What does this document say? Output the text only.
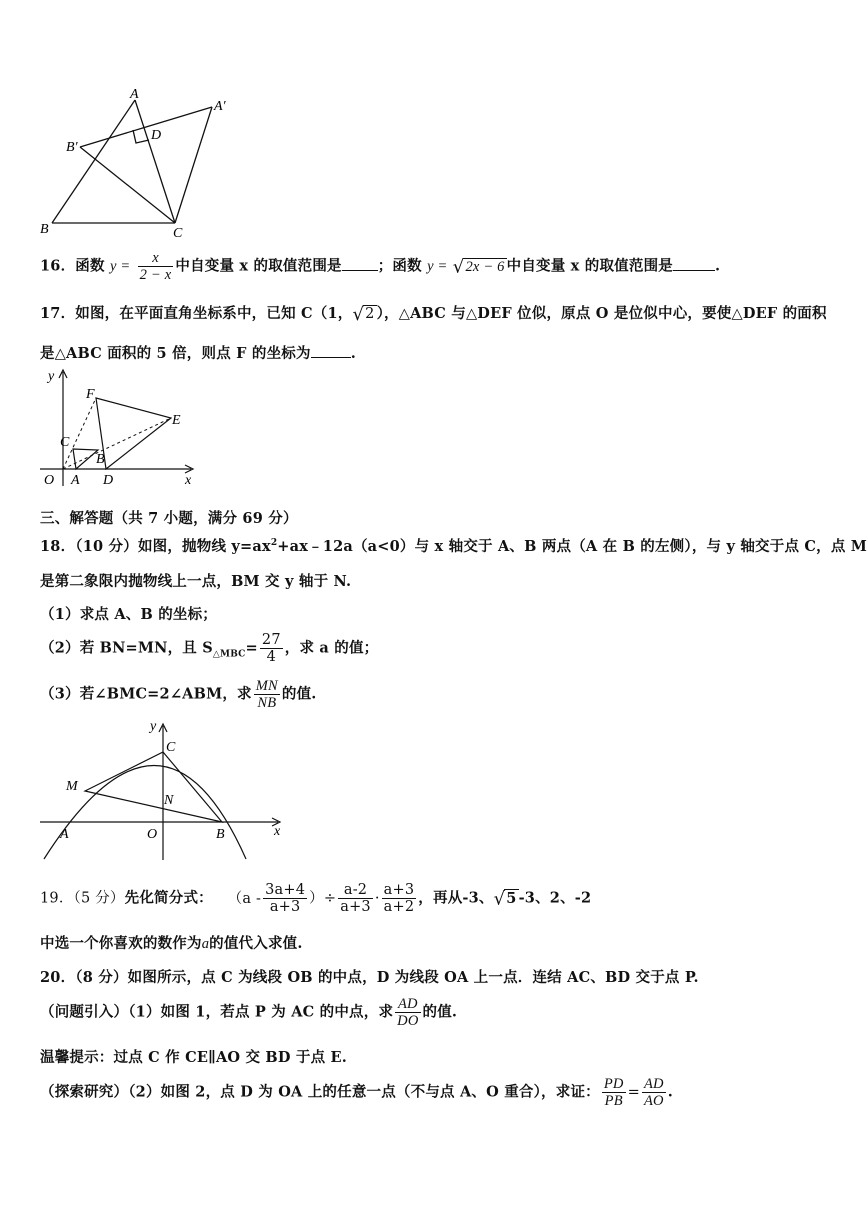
A
A′
B′
D
B	C
16．函数 $y = \frac{x}{2 - x}$ 中自变量 x 的取值范围是 ；函数 y = √2x − 6 中自变量 x 的取值范围是	.
17．如图，在平面直角坐标系中，已知 C（1，√2 ），△ABC 与△DEF 位似，原点 O 是位似中心，要使△DEF 的面积
是△ABC 面积的 5 倍，则点 F 的坐标为	.
y
F
E
C
B
O A D	x
三、解答题（共 7 小题，满分 69 分）
18．（10 分）如图，抛物线 $y=ax^2+ax﹣12a(a<0)$与 x 轴交于 A、B 两点（A 在 B 的左侧），与 y 轴交于点 C，点 M
是第二象限内抛物线上一点，BM 交 y 轴于 N.
（1）求点 A、B 的坐标；
（2）若 BN=MN，且 $S_{\triangle MBC}= \frac{27}{4}$ ，求 a 的值；
（3）若∠BMC=2∠ABM，求 $\frac{MN}{NB}$ 的值.
y
C
M
N
A	O	B	x
19．（5 分）先化简分式： （$a - \frac{3a+4}{a+3}$ ）÷ $\frac{a-2}{a+3} \cdot \frac{a+3}{a+2}$ ，再从-3、√5 -3、2、-2
中选一个你喜欢的数作为a的值代入求值.
20．（8 分）如图所示，点 C 为线段 OB 的中点，D 为线段 OA 上一点．连结 AC、BD 交于点 P.
（问题引入）（1）如图 1，若点 P 为 AC 的中点，求 $\frac{AD}{DO}$ 的值.
温馨提示：过点 C 作 CE∥AO 交 BD 于点 E.
（探索研究）（2）如图 2，点 D 为 OA 上的任意一点（不与点 A、O 重合），求证： $\frac{PD}{PB} = \frac{AD}{AO}$ .
